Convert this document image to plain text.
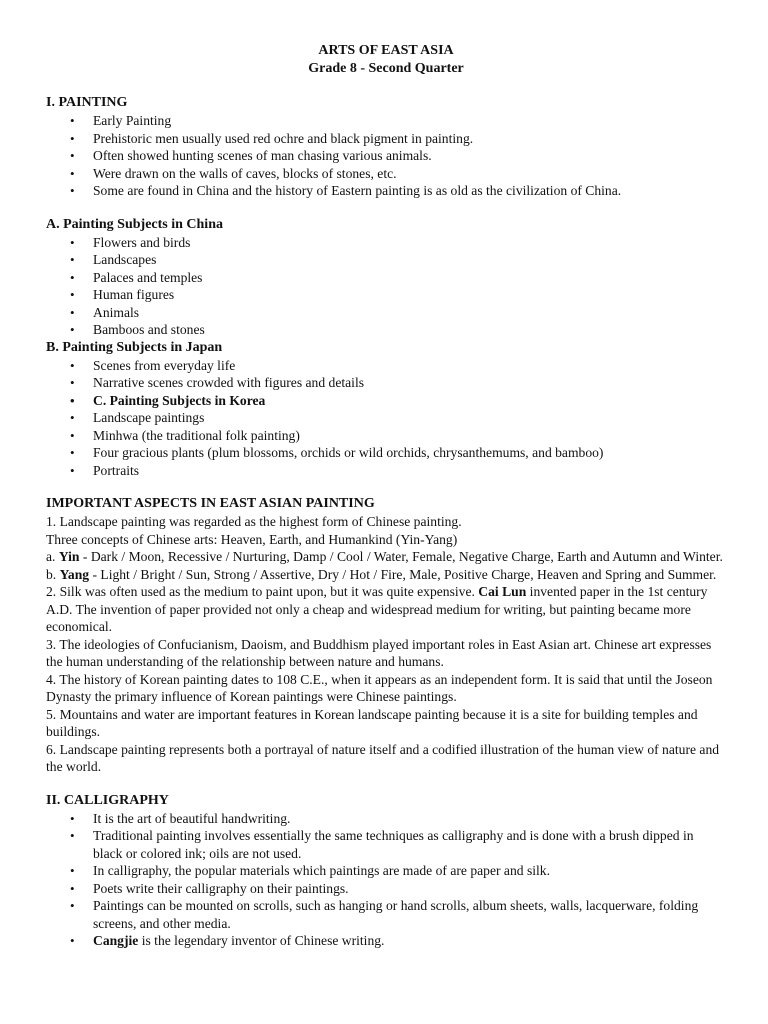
ARTS OF EAST ASIA
Grade 8 - Second Quarter
I. PAINTING
• Early Painting
• Prehistoric men usually used red ochre and black pigment in painting.
• Often showed hunting scenes of man chasing various animals.
• Were drawn on the walls of caves, blocks of stones, etc.
• Some are found in China and the history of Eastern painting is as old as the civilization of China.
A. Painting Subjects in China
• Flowers and birds
• Landscapes
• Palaces and temples
• Human figures
• Animals
• Bamboos and stones
B. Painting Subjects in Japan
• Scenes from everyday life
• Narrative scenes crowded with figures and details
• C. Painting Subjects in Korea
• Landscape paintings
• Minhwa (the traditional folk painting)
• Four gracious plants (plum blossoms, orchids or wild orchids, chrysanthemums, and bamboo)
• Portraits
IMPORTANT ASPECTS IN EAST ASIAN PAINTING

1. Landscape painting was regarded as the highest form of Chinese painting.

Three concepts of Chinese arts: Heaven, Earth, and Humankind (Yin-Yang)

a. Yin - Dark / Moon, Recessive / Nurturing, Damp / Cool / Water, Female, Negative Charge, Earth and Autumn and Winter.

b. Yang - Light / Bright / Sun, Strong / Assertive, Dry / Hot / Fire, Male, Positive Charge, Heaven and Spring and Summer.

2. Silk was often used as the medium to paint upon, but it was quite expensive. Cai Lun invented paper in the 1st century A.D. The invention of paper provided not only a cheap and widespread medium for writing, but painting became more economical.

3. The ideologies of Confucianism, Daoism, and Buddhism played important roles in East Asian art. Chinese art expresses the human understanding of the relationship between nature and humans.

4. The history of Korean painting dates to 108 C.E., when it appears as an independent form. It is said that until the Joseon Dynasty the primary influence of Korean paintings were Chinese paintings.

5. Mountains and water are important features in Korean landscape painting because it is a site for building temples and buildings.

6. Landscape painting represents both a portrayal of nature itself and a codified illustration of the human view of nature and the world.

II. CALLIGRAPHY
• It is the art of beautiful handwriting.
• Traditional painting involves essentially the same techniques as calligraphy and is done with a brush dipped in black or colored ink; oils are not used.
• In calligraphy, the popular materials which paintings are made of are paper and silk.
• Poets write their calligraphy on their paintings.
• Paintings can be mounted on scrolls, such as hanging or hand scrolls, album sheets, walls, lacquerware, folding screens, and other media.
• Cangjie is the legendary inventor of Chinese writing.
